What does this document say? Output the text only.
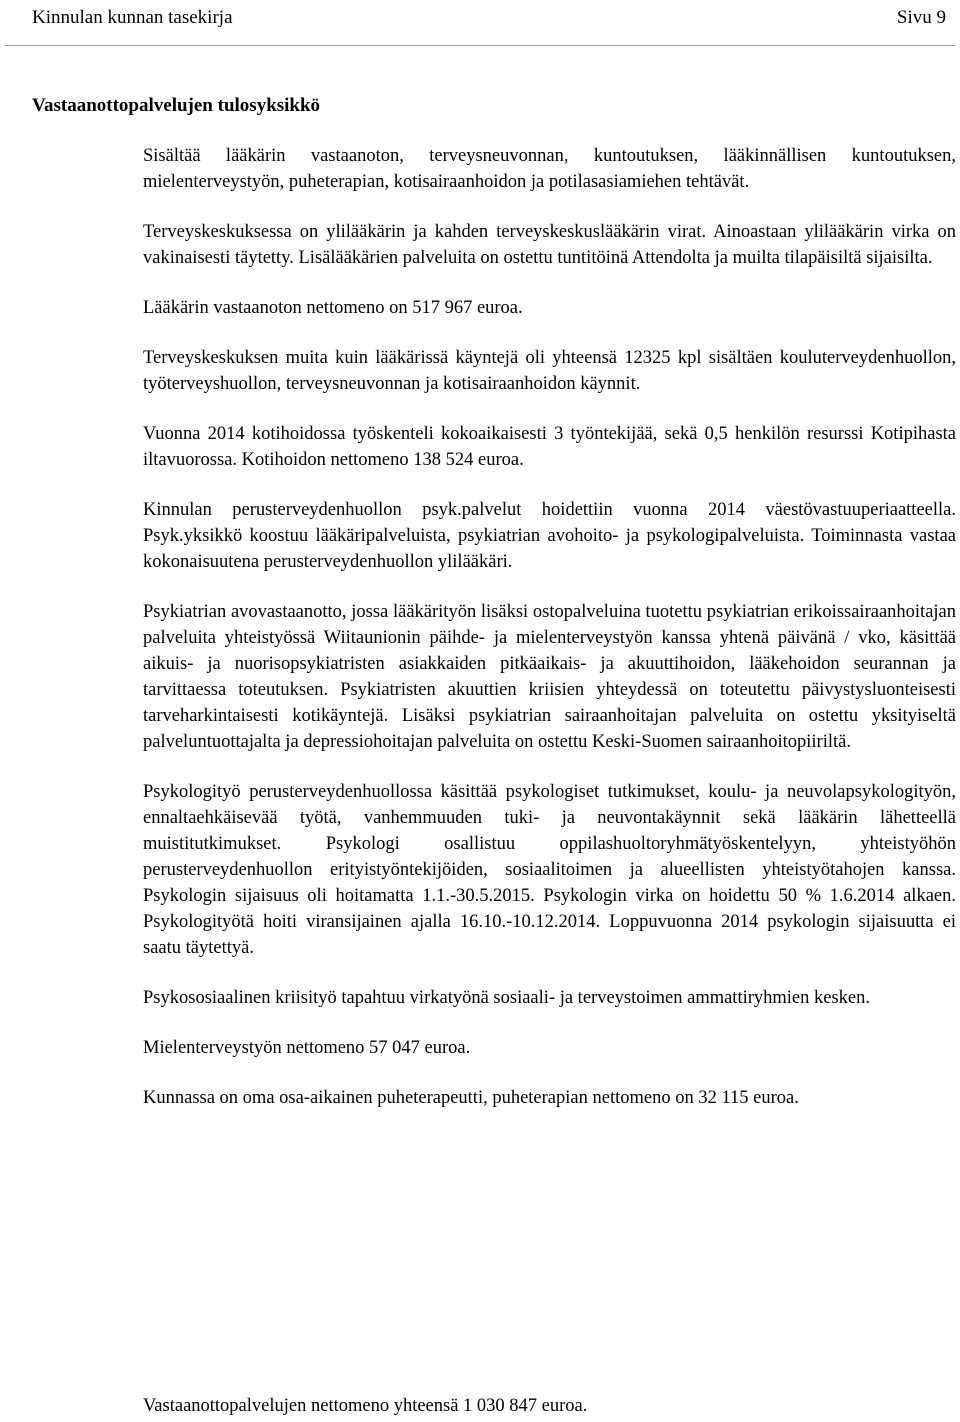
Kinnulan kunnan tasekirja	Sivu 9
Vastaanottopalvelujen tulosyksikkö

Sisältää lääkärin vastaanoton, terveysneuvonnan, kuntoutuksen, lääkinnällisen kuntoutuksen, mielenterveystyön, puheterapian, kotisairaanhoidon ja potilasasiamiehen tehtävät.

Terveyskeskuksessa on ylilääkärin ja kahden terveyskeskuslääkärin virat. Ainoastaan ylilääkärin virka on vakinaisesti täytetty. Lisälääkärien palveluita on ostettu tuntitöinä Attendolta ja muilta tilapäisiltä sijaisilta.

Lääkärin vastaanoton nettomeno on 517 967 euroa.

Terveyskeskuksen muita kuin lääkärissä käyntejä oli yhteensä 12325 kpl sisältäen kouluterveydenhuollon, työterveyshuollon, terveysneuvonnan ja kotisairaanhoidon käynnit.

Vuonna 2014 kotihoidossa työskenteli kokoaikaisesti 3 työntekijää, sekä 0,5 henkilön resurssi Kotipihasta iltavuorossa. Kotihoidon nettomeno 138 524 euroa.

Kinnulan perusterveydenhuollon psyk.palvelut hoidettiin vuonna 2014 väestövastuuperiaatteella. Psyk.yksikkö koostuu lääkäripalveluista, psykiatrian avohoito- ja psykologipalveluista. Toiminnasta vastaa kokonaisuutena perusterveydenhuollon ylilääkäri.

Psykiatrian avovastaanotto, jossa lääkärityön lisäksi ostopalveluina tuotettu psykiatrian erikoissairaanhoitajan palveluita yhteistyössä Wiitaunionin päihde- ja mielenterveystyön kanssa yhtenä päivänä / vko, käsittää aikuis- ja nuorisopsykiatristen asiakkaiden pitkäaikais- ja akuuttihoidon, lääkehoidon seurannan ja tarvittaessa toteutuksen. Psykiatristen akuuttien kriisien yhteydessä on toteutettu päivystysluonteisesti tarveharkintaisesti kotikäyntejä. Lisäksi psykiatrian sairaanhoitajan palveluita on ostettu yksityiseltä palveluntuottajalta ja depressiohoitajan palveluita on ostettu Keski-Suomen sairaanhoitopiiriltä.

Psykologityö perusterveydenhuollossa käsittää psykologiset tutkimukset, koulu- ja neuvolapsykologityön, ennaltaehkäisevää työtä, vanhemmuuden tuki- ja neuvontakäynnit sekä lääkärin lähetteellä muistitutkimukset. Psykologi osallistuu oppilashuoltoryhmätyöskentelyyn, yhteistyöhön perusterveydenhuollon erityistyöntekijöiden, sosiaalitoimen ja alueellisten yhteistyötahojen kanssa. Psykologin sijaisuus oli hoitamatta 1.1.-30.5.2015. Psykologin virka on hoidettu 50 % 1.6.2014 alkaen. Psykologityötä hoiti viransijainen ajalla 16.10.-10.12.2014. Loppuvuonna 2014 psykologin sijaisuutta ei saatu täytettyä.

Psykososiaalinen kriisityö tapahtuu virkatyönä sosiaali- ja terveystoimen ammattiryhmien kesken.

Mielenterveystyön nettomeno 57 047 euroa.

Kunnassa on oma osa-aikainen puheterapeutti, puheterapian nettomeno on 32 115 euroa.

Vastaanottopalvelujen nettomeno yhteensä 1 030 847 euroa.
